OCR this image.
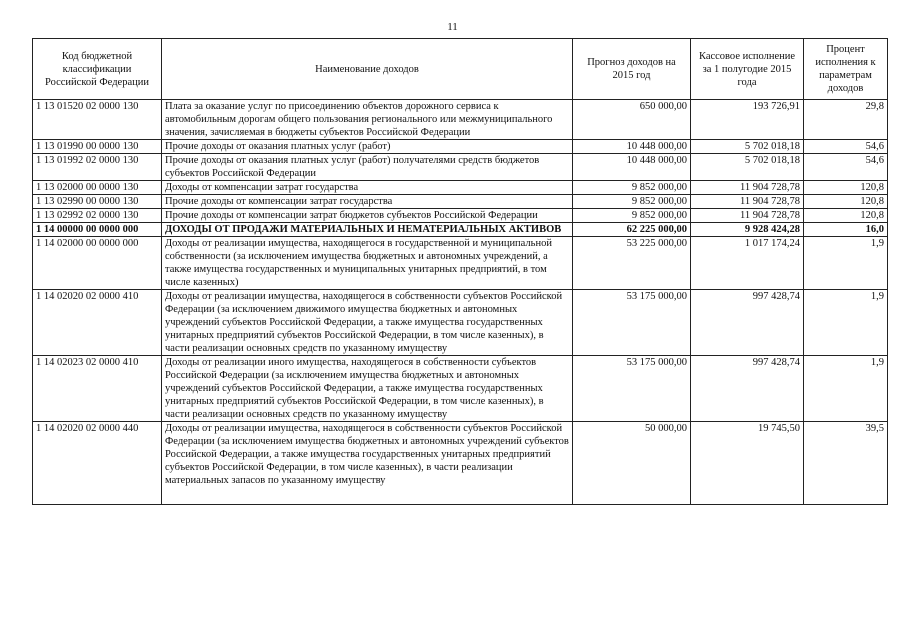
11
Код бюджетной классификации Российской Федерации	Наименование доходов	Прогноз доходов на 2015 год	Кассовое исполнение за 1 полугодие 2015 года	Процент исполнения к параметрам доходов
1 13 01520 02 0000 130	Плата за оказание услуг по присоединению объектов дорожного сервиса к автомобильным дорогам общего пользования регионального или межмуниципального значения, зачисляемая в бюджеты субъектов Российской Федерации	650 000,00	193 726,91	29,8
1 13 01990 00 0000 130	Прочие доходы от оказания платных услуг (работ)	10 448 000,00	5 702 018,18	54,6
1 13 01992 02 0000 130	Прочие доходы от оказания платных услуг (работ) получателями средств бюджетов субъектов Российской Федерации	10 448 000,00	5 702 018,18	54,6
1 13 02000 00 0000 130	Доходы от компенсации затрат государства	9 852 000,00	11 904 728,78	120,8
1 13 02990 00 0000 130	Прочие доходы от компенсации затрат государства	9 852 000,00	11 904 728,78	120,8
1 13 02992 02 0000 130	Прочие доходы от компенсации затрат бюджетов субъектов Российской Федерации	9 852 000,00	11 904 728,78	120,8
1 14 00000 00 0000 000	ДОХОДЫ ОТ ПРОДАЖИ МАТЕРИАЛЬНЫХ И НЕМАТЕРИАЛЬНЫХ АКТИВОВ	62 225 000,00	9 928 424,28	16,0
1 14 02000 00 0000 000	Доходы от реализации имущества, находящегося в государственной и муниципальной собственности (за исключением имущества бюджетных и автономных учреждений, а также имущества государственных и муниципальных унитарных предприятий, в том числе казенных)	53 225 000,00	1 017 174,24	1,9
1 14 02020 02 0000 410	Доходы от реализации имущества, находящегося в собственности субъектов Российской Федерации (за исключением движимого имущества бюджетных и автономных учреждений субъектов Российской Федерации, а также имущества государственных унитарных предприятий субъектов Российской Федерации, в том числе казенных), в части реализации основных средств по указанному имуществу	53 175 000,00	997 428,74	1,9
1 14 02023 02 0000 410	Доходы от реализации иного имущества, находящегося в собственности субъектов Российской Федерации (за исключением имущества бюджетных и автономных учреждений субъектов Российской Федерации, а также имущества государственных унитарных предприятий субъектов Российской Федерации, в том числе казенных), в части реализации основных средств по указанному имуществу	53 175 000,00	997 428,74	1,9
1 14 02020 02 0000 440	Доходы от реализации имущества, находящегося в собственности субъектов Российской Федерации (за исключением имущества бюджетных и автономных учреждений субъектов Российской Федерации, а также имущества государственных унитарных предприятий субъектов Российской Федерации, в том числе казенных), в части реализации материальных запасов по указанному имуществу	50 000,00	19 745,50	39,5
